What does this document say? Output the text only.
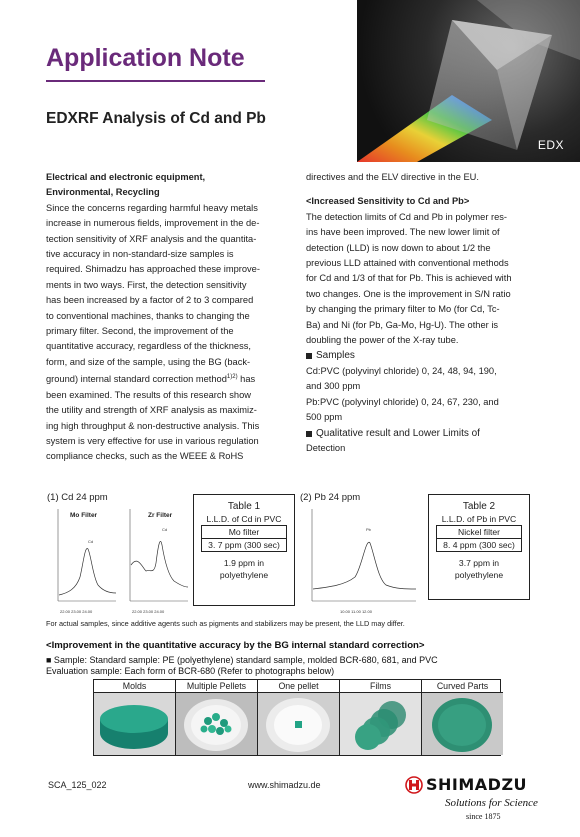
EDX
Application Note
EDXRF Analysis of Cd and Pb
Electrical and electronic equipment,
Environmental, Recycling
Since the concerns regarding harmful heavy metals
increase in numerous fields, improvement in the de-
tection sensitivity of XRF analysis and the quantita-
tive accuracy in non-standard-size samples is
required. Shimadzu has approached these improve-
ments in two ways. First, the detection sensitivity
has been increased by a factor of 2 to 3 compared
to conventional machines, thanks to changing the
primary filter. Second, the improvement of the
quantitative accuracy, regardless of the thickness,
form, and size of the sample, using the BG (back-
ground) internal standard correction method$^{1)2)}$ has
been examined. The results of this research show
the utility and strength of XRF analysis as maximiz-
ing high throughput & non-destructive analysis. This
system is very effective for use in various regulation
compliance checks, such as the WEEE & RoHS
directives and the ELV directive in the EU.
<Increased Sensitivity to Cd and Pb>
The detection limits of Cd and Pb in polymer res-
ins have been improved. The new lower limit of
detection (LLD) is now down to about 1/2 the
previous LLD attained with conventional methods
for Cd and 1/3 of that for Pb. This is achieved with
two changes. One is the improvement in S/N ratio
by changing the primary filter to Mo (for Cd, Tc-
Ba) and Ni (for Pb, Ga-Mo, Hg-U). The other is
doubling the power of the X-ray tube.
Samples
Cd:PVC (polyvinyl chloride) 0, 24, 48, 94, 190,
and 300 ppm
Pb:PVC (polyvinyl chloride) 0, 24, 67, 230, and
500 ppm
Qualitative result and Lower Limits of
Detection
(1) Cd 24 ppm	(2) Pb 24 ppm
Cd
22.00 23.00 24.00
Mo Filter
Cd
22.00 23.00 24.00
Zr Filter
Table 1
L.L.D. of Cd in PVC
Mo filter
3. 7 ppm (300 sec)
1.9 ppm in
polyethylene
Pb
10.00 11.00 12.00
Table 2
L.L.D. of Pb in PVC
Nickel filter
8. 4 ppm (300 sec)
3.7 ppm in
polyethylene
For actual samples, since additive agents such as pigments and stabilizers may be present, the LLD may differ.
<Improvement in the quantitative accuracy by the BG internal standard correction>
■ Sample: Standard sample: PE (polyethylene) standard sample, molded BCR-680, 681, and PVC
Evaluation sample: Each form of BCR-680 (Refer to photographs below)
Molds	Multiple Pellets	One pellet	Films	Curved Parts
SCA_125_022	www.shimadzu.de	SHIMADZU
Solutions for Science
since 1875
